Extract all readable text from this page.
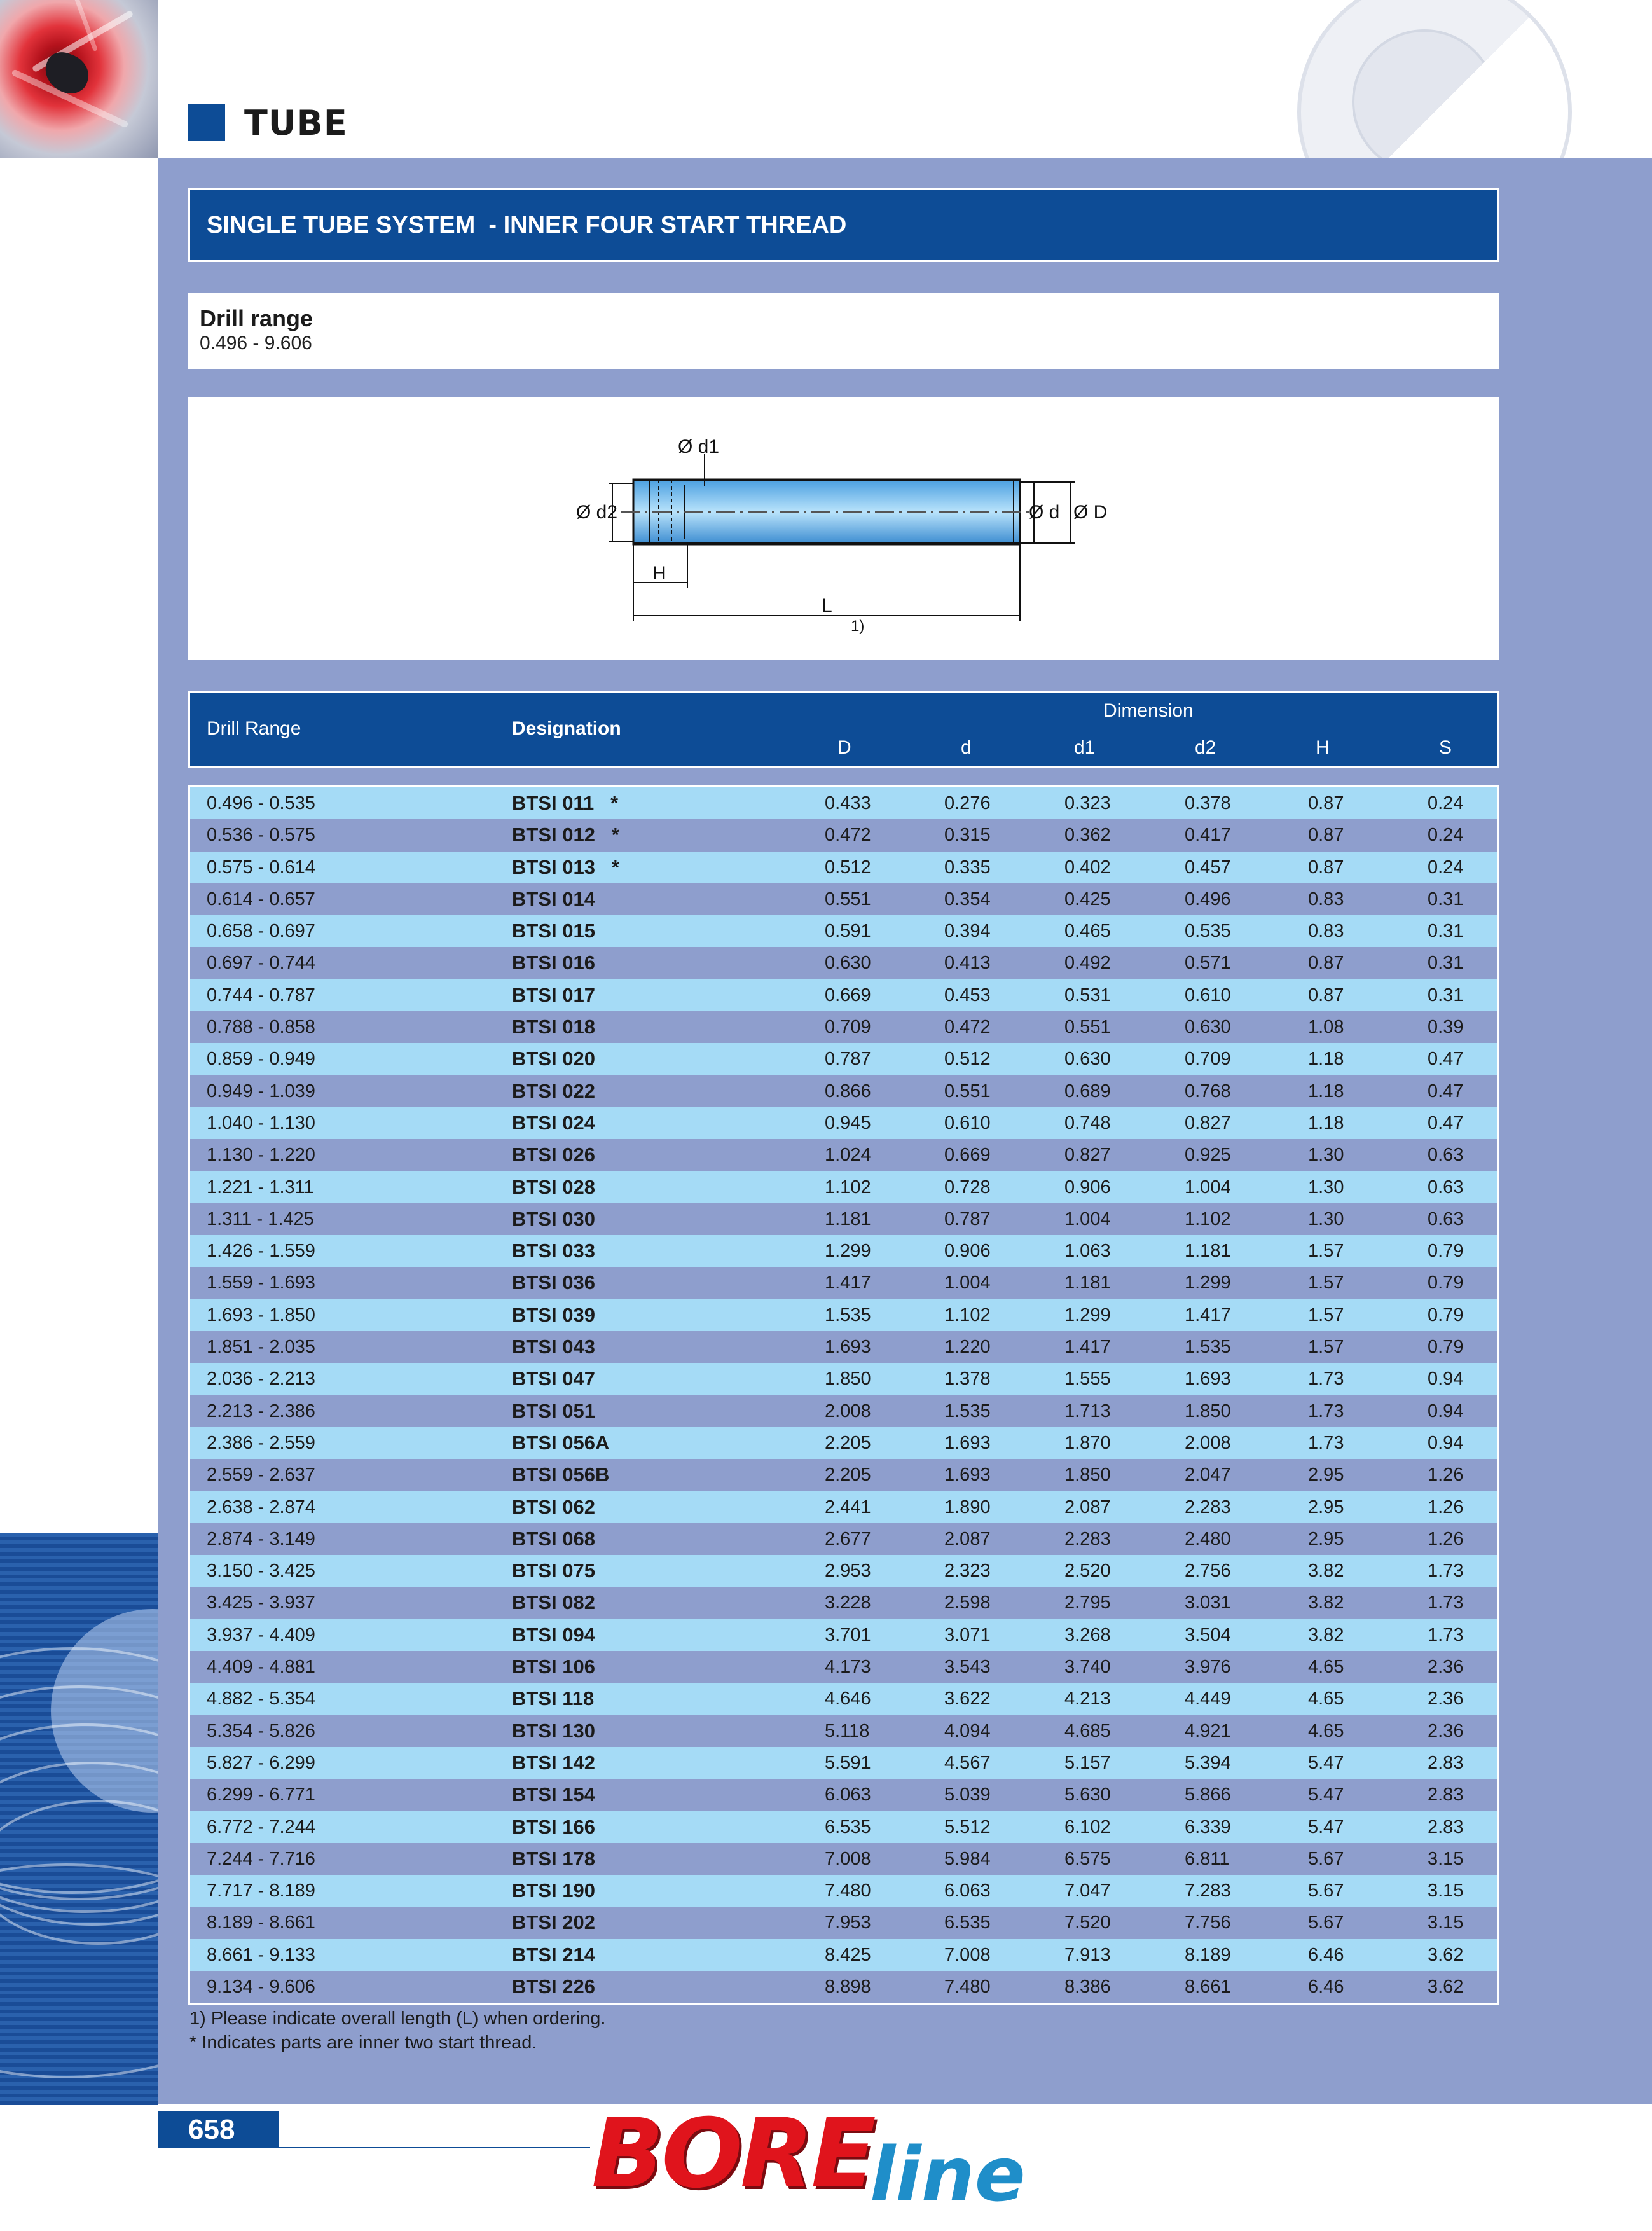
TUBE
SINGLE TUBE SYSTEM  - INNER FOUR START THREAD
Drill range
0.496 - 9.606
Ø d1
Ø d2	Ø d Ø D
H
L
1)
Drill Range	Designation
Dimension
D	d	d1	d2	H	S
0.496 - 0.535	BTSI 011   *	0.433	0.276	0.323	0.378	0.87	0.24
0.536 - 0.575	BTSI 012   *	0.472	0.315	0.362	0.417	0.87	0.24
0.575 - 0.614	BTSI 013   *	0.512	0.335	0.402	0.457	0.87	0.24
0.614 - 0.657	BTSI 014	0.551	0.354	0.425	0.496	0.83	0.31
0.658 - 0.697	BTSI 015	0.591	0.394	0.465	0.535	0.83	0.31
0.697 - 0.744	BTSI 016	0.630	0.413	0.492	0.571	0.87	0.31
0.744 - 0.787	BTSI 017	0.669	0.453	0.531	0.610	0.87	0.31
0.788 - 0.858	BTSI 018	0.709	0.472	0.551	0.630	1.08	0.39
0.859 - 0.949	BTSI 020	0.787	0.512	0.630	0.709	1.18	0.47
0.949 - 1.039	BTSI 022	0.866	0.551	0.689	0.768	1.18	0.47
1.040 - 1.130	BTSI 024	0.945	0.610	0.748	0.827	1.18	0.47
1.130 - 1.220	BTSI 026	1.024	0.669	0.827	0.925	1.30	0.63
1.221 - 1.311	BTSI 028	1.102	0.728	0.906	1.004	1.30	0.63
1.311 - 1.425	BTSI 030	1.181	0.787	1.004	1.102	1.30	0.63
1.426 - 1.559	BTSI 033	1.299	0.906	1.063	1.181	1.57	0.79
1.559 - 1.693	BTSI 036	1.417	1.004	1.181	1.299	1.57	0.79
1.693 - 1.850	BTSI 039	1.535	1.102	1.299	1.417	1.57	0.79
1.851 - 2.035	BTSI 043	1.693	1.220	1.417	1.535	1.57	0.79
2.036 - 2.213	BTSI 047	1.850	1.378	1.555	1.693	1.73	0.94
2.213 - 2.386	BTSI 051	2.008	1.535	1.713	1.850	1.73	0.94
2.386 - 2.559	BTSI 056A	2.205	1.693	1.870	2.008	1.73	0.94
2.559 - 2.637	BTSI 056B	2.205	1.693	1.850	2.047	2.95	1.26
2.638 - 2.874	BTSI 062	2.441	1.890	2.087	2.283	2.95	1.26
2.874 - 3.149	BTSI 068	2.677	2.087	2.283	2.480	2.95	1.26
3.150 - 3.425	BTSI 075	2.953	2.323	2.520	2.756	3.82	1.73
3.425 - 3.937	BTSI 082	3.228	2.598	2.795	3.031	3.82	1.73
3.937 - 4.409	BTSI 094	3.701	3.071	3.268	3.504	3.82	1.73
4.409 - 4.881	BTSI 106	4.173	3.543	3.740	3.976	4.65	2.36
4.882 - 5.354	BTSI 118	4.646	3.622	4.213	4.449	4.65	2.36
5.354 - 5.826	BTSI 130	5.118	4.094	4.685	4.921	4.65	2.36
5.827 - 6.299	BTSI 142	5.591	4.567	5.157	5.394	5.47	2.83
6.299 - 6.771	BTSI 154	6.063	5.039	5.630	5.866	5.47	2.83
6.772 - 7.244	BTSI 166	6.535	5.512	6.102	6.339	5.47	2.83
7.244 - 7.716	BTSI 178	7.008	5.984	6.575	6.811	5.67	3.15
7.717 - 8.189	BTSI 190	7.480	6.063	7.047	7.283	5.67	3.15
8.189 - 8.661	BTSI 202	7.953	6.535	7.520	7.756	5.67	3.15
8.661 - 9.133	BTSI 214	8.425	7.008	7.913	8.189	6.46	3.62
9.134 - 9.606	BTSI 226	8.898	7.480	8.386	8.661	6.46	3.62
1) Please indicate overall length (L) when ordering.
* Indicates parts are inner two start thread.
658	BOREline
